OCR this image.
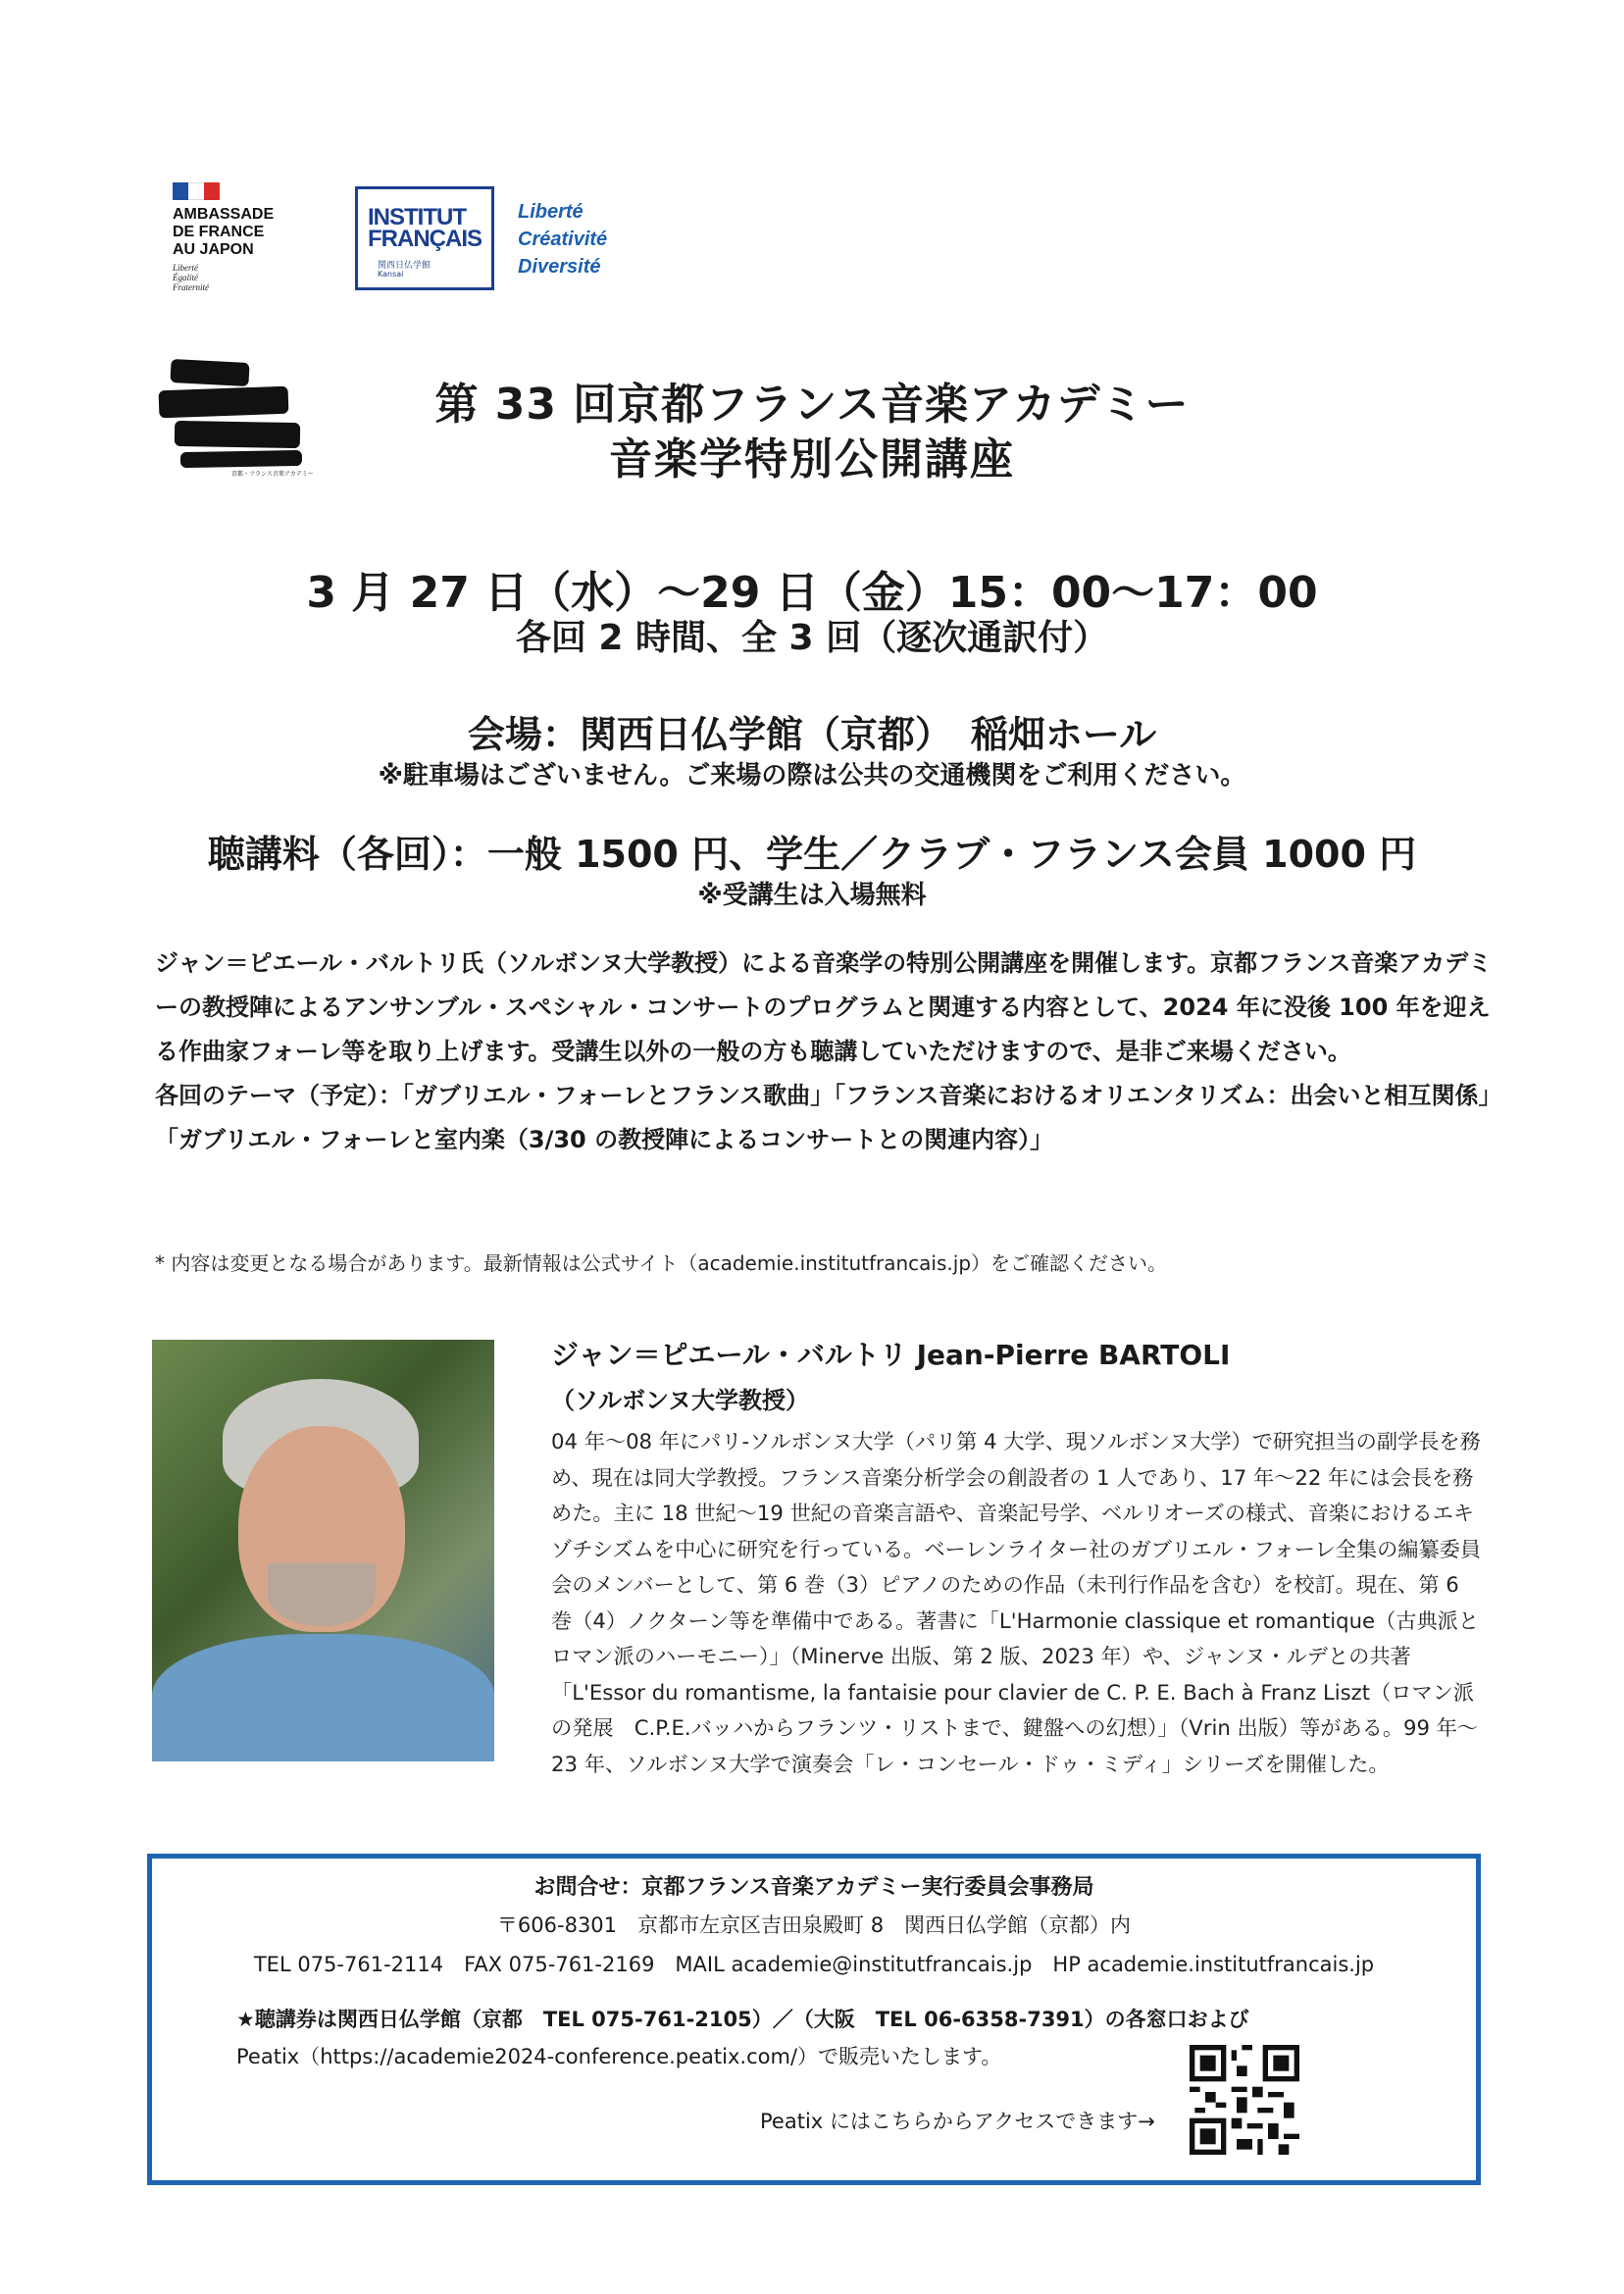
AMBASSADE
DE FRANCE
AU JAPON
Liberté
Égalité
Fraternité
INSTITUT
FRANÇAIS
関西日仏学館
Kansai
Liberté
Créativité
Diversité
京都・フランス音楽アカデミー
第 33 回京都フランス音楽アカデミー
音楽学特別公開講座
3 月 27 日（水）～29 日（金）15：00～17：00
各回 2 時間、全 3 回（逐次通訳付）
会場：関西日仏学館（京都）　稲畑ホール
※駐車場はございません。ご来場の際は公共の交通機関をご利用ください。
聴講料（各回）：一般 1500 円、学生／クラブ・フランス会員 1000 円
※受講生は入場無料

ジャン＝ピエール・バルトリ氏（ソルボンヌ大学教授）による音楽学の特別公開講座を開催します。京都フランス音楽アカデミーの教授陣によるアンサンブル・スペシャル・コンサートのプログラムと関連する内容として、2024 年に没後 100 年を迎える作曲家フォーレ等を取り上げます。受講生以外の一般の方も聴講していただけますので、是非ご来場ください。

各回のテーマ（予定）：「ガブリエル・フォーレとフランス歌曲」「フランス音楽におけるオリエンタリズム：出会いと相互関係」「ガブリエル・フォーレと室内楽（3/30 の教授陣によるコンサートとの関連内容）」

* 内容は変更となる場合があります。最新情報は公式サイト（academie.institutfrancais.jp）をご確認ください。
ジャン＝ピエール・バルトリ Jean-Pierre BARTOLI
（ソルボンヌ大学教授）

04 年～08 年にパリ-ソルボンヌ大学（パリ第 4 大学、現ソルボンヌ大学）で研究担当の副学長を務め、現在は同大学教授。フランス音楽分析学会の創設者の 1 人であり、17 年～22 年には会長を務めた。主に 18 世紀～19 世紀の音楽言語や、音楽記号学、ベルリオーズの様式、音楽におけるエキゾチシズムを中心に研究を行っている。ベーレンライター社のガブリエル・フォーレ全集の編纂委員会のメンバーとして、第 6 巻（3）ピアノのための作品（未刊行作品を含む）を校訂。現在、第 6 巻（4）ノクターン等を準備中である。著書に「L'Harmonie classique et romantique（古典派とロマン派のハーモニー）」（Minerve 出版、第 2 版、2023 年）や、ジャンヌ・ルデとの共著「L'Essor du romantisme, la fantaisie pour clavier de C. P. E. Bach à Franz Liszt（ロマン派の発展　C.P.E.バッハからフランツ・リストまで、鍵盤への幻想）」（Vrin 出版）等がある。99 年～23 年、ソルボンヌ大学で演奏会「レ・コンセール・ドゥ・ミディ」シリーズを開催した。

お問合せ：京都フランス音楽アカデミー実行委員会事務局
〒606-8301　京都市左京区吉田泉殿町 8　関西日仏学館（京都）内
TEL 075-761-2114　FAX 075-761-2169　MAIL academie@institutfrancais.jp　HP academie.institutfrancais.jp
★聴講券は関西日仏学館（京都　TEL 075-761-2105）／（大阪　TEL 06-6358-7391）の各窓口および
Peatix（https://academie2024-conference.peatix.com/）で販売いたします。
Peatix にはこちらからアクセスできます→
